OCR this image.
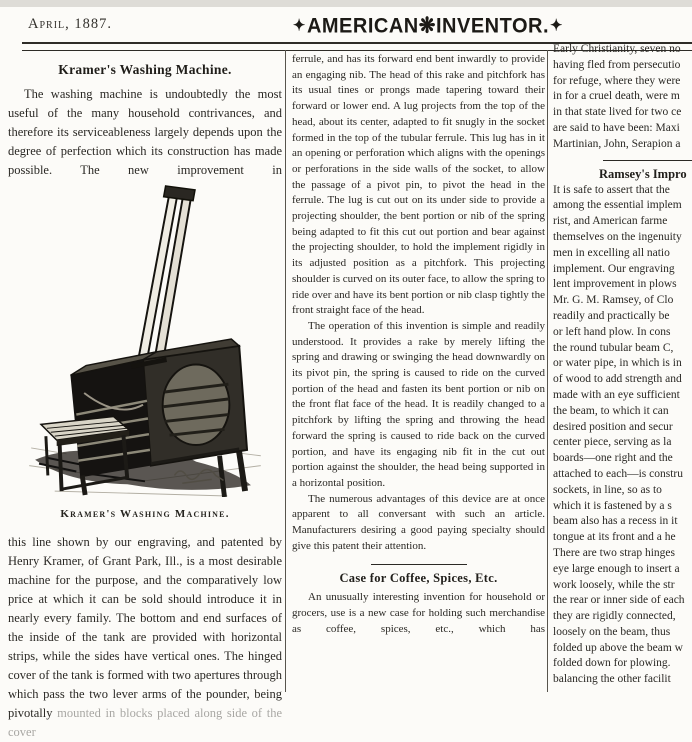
April, 1887.	✦AMERICAN❋INVENTOR.✦
Kramer's Washing Machine.

The washing machine is undoubtedly the most useful of the many household contrivances, and therefore its serviceableness largely depends upon the degree of perfection which its construction has made possible. The new improvement in

Kramer's Washing Machine.

this line shown by our engraving, and patented by Henry Kramer, of Grant Park, Ill., is a most desirable machine for the purpose, and the comparatively low price at which it can be sold should introduce it in nearly every family. The bottom and end surfaces of the inside of the tank are provided with horizontal strips, while the sides have vertical ones. The hinged cover of the tank is formed with two apertures through which pass the two lever arms of the pounder, being pivotally mounted in blocks placed along side of the cover

ferrule, and has its forward end bent inwardly to provide an engaging nib. The head of this rake and pitchfork has its usual tines or prongs made tapering toward their forward or lower end. A lug projects from the top of the head, about its center, adapted to fit snugly in the socket formed in the top of the tubular ferrule. This lug has in it an opening or perforation which aligns with the openings or perforations in the side walls of the socket, to allow the passage of a pivot pin, to pivot the head in the ferrule. The lug is cut out on its under side to provide a projecting shoulder, the bent portion or nib of the spring being adapted to fit this cut out portion and bear against the projecting shoulder, to hold the implement rigidly in its adjusted position as a pitchfork. This projecting shoulder is curved on its outer face, to allow the spring to ride over and have its bent portion or nib clasp tightly the front straight face of the head.

The operation of this invention is simple and readily understood. It provides a rake by merely lifting the spring and drawing or swinging the head downwardly on its pivot pin, the spring is caused to ride on the curved portion of the head and fasten its bent portion or nib on the front flat face of the head. It is readily changed to a pitchfork by lifting the spring and throwing the head forward the spring is caused to ride back on the curved portion, and have its engaging nib fit in the cut out portion against the shoulder, the head being supported in a horizontal position.

The numerous advantages of this device are at once apparent to all conversant with such an article. Manufacturers desiring a good paying specialty should give this patent their attention.

Case for Coffee, Spices, Etc.

An unusually interesting invention for household or grocers, use is a new case for holding such merchandise as coffee, spices, etc., which has

Early Christianity, seven no
having fled from persecutio
for refuge, where they were
in for a cruel death, were m
in that state lived for two ce
are said to have been: Maxi
Martinian, John, Serapion a
Ramsey's Impro
It is safe to assert that the
among the essential implem
rist, and American farme
themselves on the ingenuity
men in excelling all natio
implement. Our engraving
lent improvement in plows
Mr. G. M. Ramsey, of Clo
readily and practically be
or left hand plow. In cons
the round tubular beam C,
or water pipe, in which is in
of wood to add strength and
made with an eye sufficient
the beam, to which it can
desired position and secur
center piece, serving as la
boards—one right and the
attached to each—is constru
sockets, in line, so as to
which it is fastened by a s
beam also has a recess in it
tongue at its front and a he
There are two strap hinges
eye large enough to insert a
work loosely, while the str
the rear or inner side of each
they are rigidly connected,
loosely on the beam, thus
folded up above the beam w
folded down for plowing.
balancing the other facilit
